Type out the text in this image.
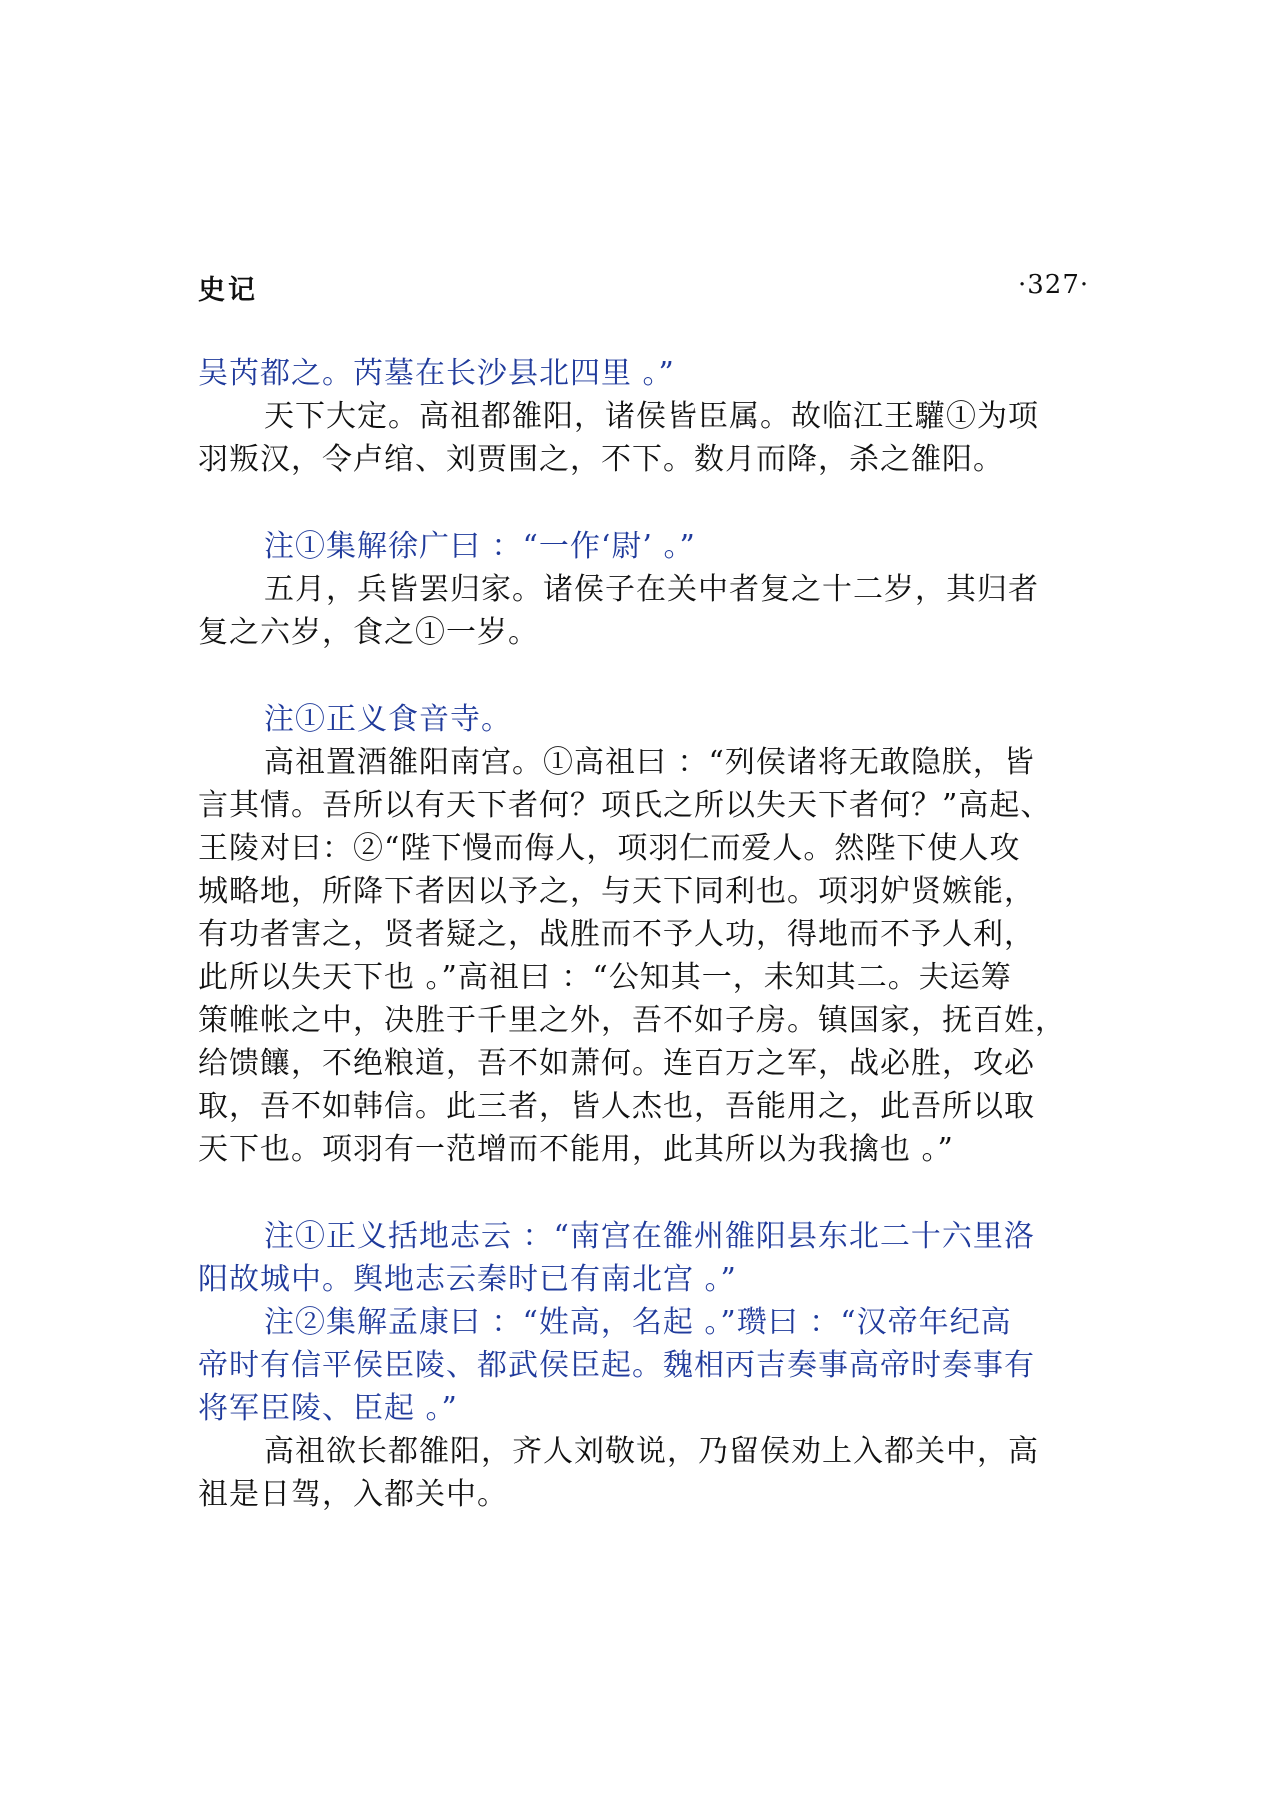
史记	·327·
吴芮都之。芮墓在长沙县北四里 。”
天下大定。高祖都雒阳，诸侯皆臣属。故临江王驩①为项
羽叛汉，令卢绾、刘贾围之，不下。数月而降，杀之雒阳。
注①集解徐广曰 ：“一作‘尉’ 。”
五月，兵皆罢归家。诸侯子在关中者复之十二岁，其归者
复之六岁，食之①一岁。
注①正义食音寺。
高祖置酒雒阳南宫。①高祖曰 ：“列侯诸将无敢隐朕，皆
言其情。吾所以有天下者何？项氏之所以失天下者何？”高起、
王陵对曰：②“陛下慢而侮人，项羽仁而爱人。然陛下使人攻
城略地，所降下者因以予之，与天下同利也。项羽妒贤嫉能，
有功者害之，贤者疑之，战胜而不予人功，得地而不予人利，
此所以失天下也 。”高祖曰 ：“公知其一，未知其二。夫运筹
策帷帐之中，决胜于千里之外，吾不如子房。镇国家，抚百姓，
给馈饟，不绝粮道，吾不如萧何。连百万之军，战必胜，攻必
取，吾不如韩信。此三者，皆人杰也，吾能用之，此吾所以取
天下也。项羽有一范增而不能用，此其所以为我擒也 。”
注①正义括地志云 ：“南宫在雒州雒阳县东北二十六里洛
阳故城中。舆地志云秦时已有南北宫 。”
注②集解孟康曰 ：“姓高，名起 。”瓒曰 ：“汉帝年纪高
帝时有信平侯臣陵、都武侯臣起。魏相丙吉奏事高帝时奏事有
将军臣陵、臣起 。”
高祖欲长都雒阳，齐人刘敬说，乃留侯劝上入都关中，高
祖是日驾，入都关中。
